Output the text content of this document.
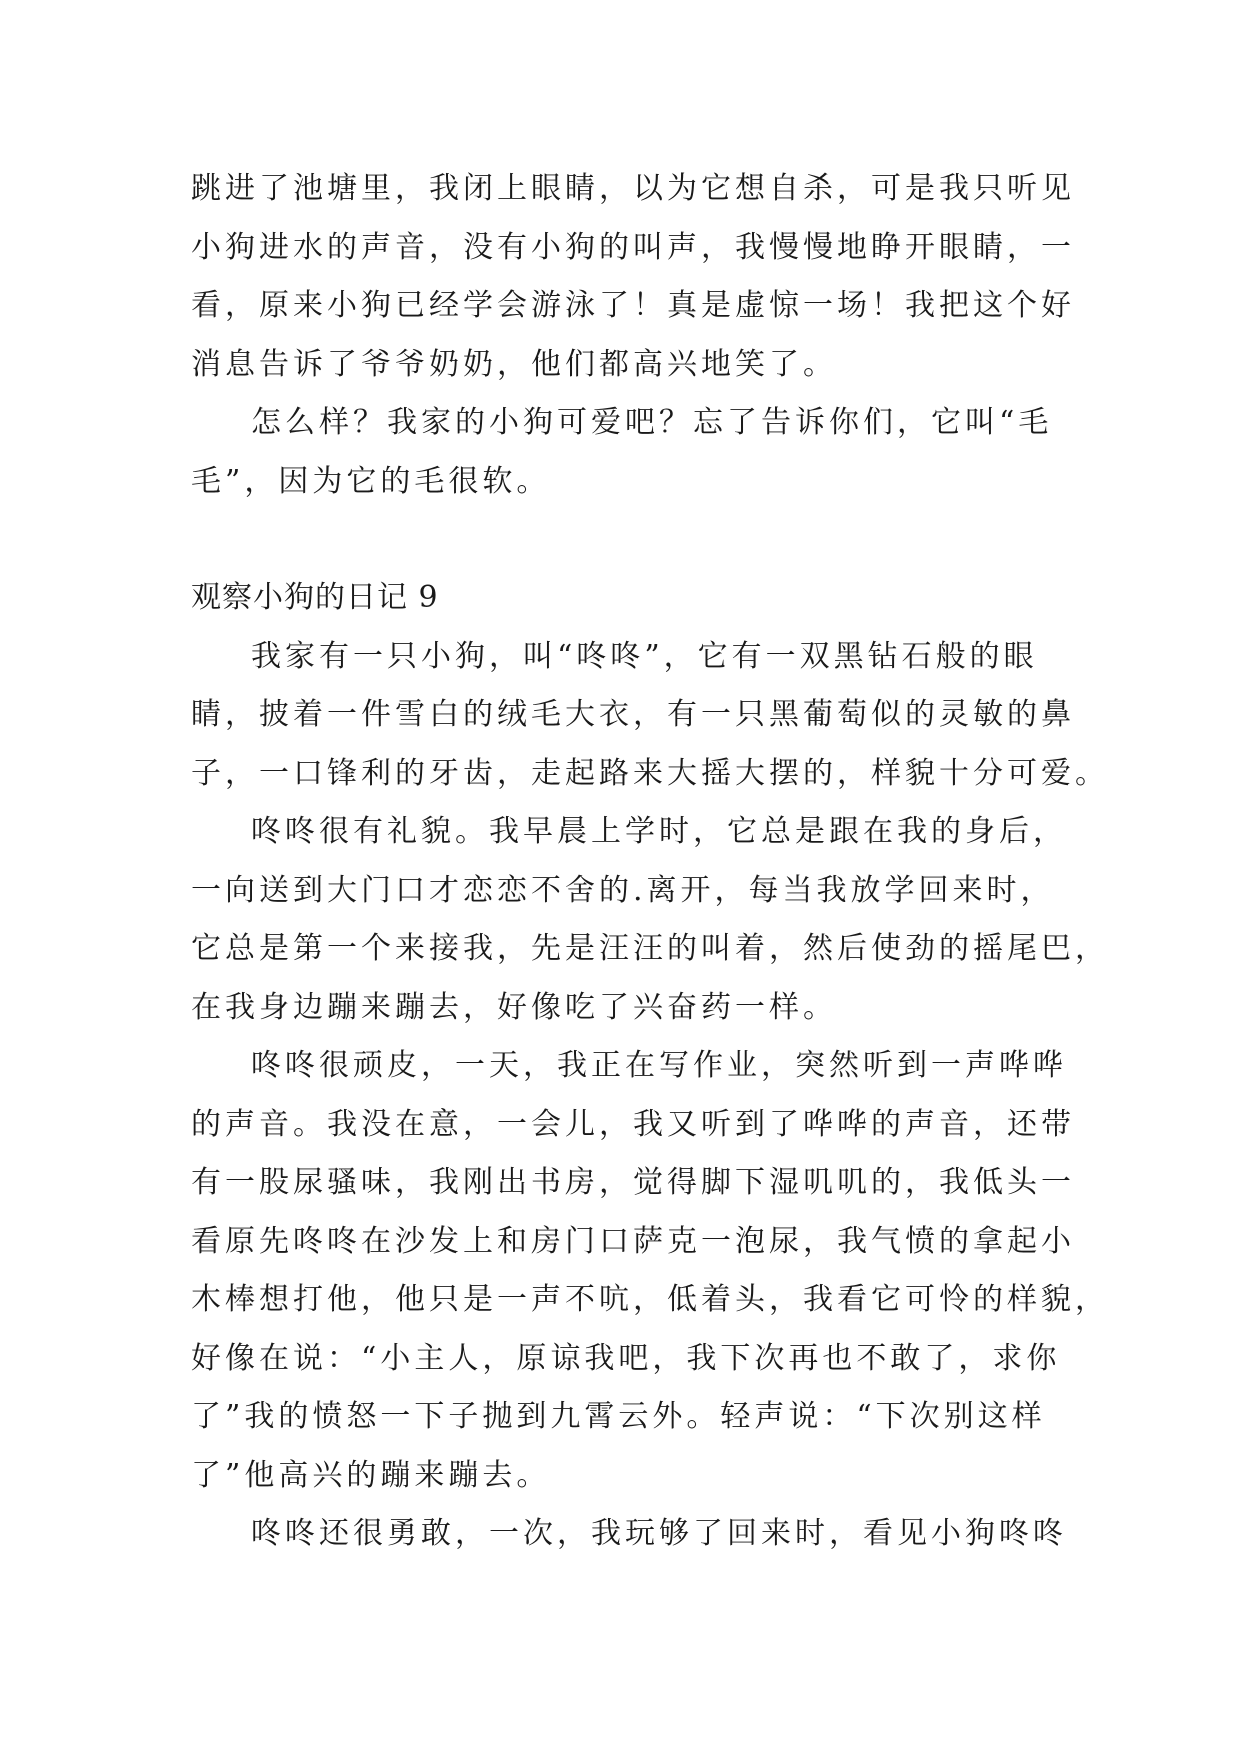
跳进了池塘里，我闭上眼睛，以为它想自杀，可是我只听见
小狗进水的声音，没有小狗的叫声，我慢慢地睁开眼睛，一
看，原来小狗已经学会游泳了！真是虚惊一场！我把这个好
消息告诉了爷爷奶奶，他们都高兴地笑了。

怎么样？我家的小狗可爱吧？忘了告诉你们，它叫“毛
毛”，因为它的毛很软。

观察小狗的日记 9

我家有一只小狗，叫“咚咚”，它有一双黑钻石般的眼
睛，披着一件雪白的绒毛大衣，有一只黑葡萄似的灵敏的鼻
子，一口锋利的牙齿，走起路来大摇大摆的，样貌十分可爱。

咚咚很有礼貌。我早晨上学时，它总是跟在我的身后，
一向送到大门口才恋恋不舍的.离开，每当我放学回来时，
它总是第一个来接我，先是汪汪的叫着，然后使劲的摇尾巴，
在我身边蹦来蹦去，好像吃了兴奋药一样。

咚咚很顽皮，一天，我正在写作业，突然听到一声哗哗
的声音。我没在意，一会儿，我又听到了哗哗的声音，还带
有一股尿骚味，我刚出书房，觉得脚下湿叽叽的，我低头一
看原先咚咚在沙发上和房门口萨克一泡尿，我气愤的拿起小
木棒想打他，他只是一声不吭，低着头，我看它可怜的样貌，
好像在说：“小主人，原谅我吧，我下次再也不敢了，求你
了”我的愤怒一下子抛到九霄云外。轻声说：“下次别这样
了”他高兴的蹦来蹦去。

咚咚还很勇敢，一次，我玩够了回来时，看见小狗咚咚
